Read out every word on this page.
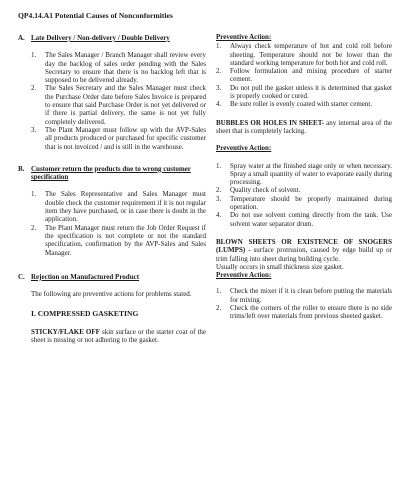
QP4.14.A1 Potential Causes of Nonconformities
A. Late Delivery / Non-delivery / Double Delivery
1.	The Sales Manager / Branch Manager shall review every day the backlog of sales order pending with the Sales Secretary to ensure that there is no backlog left that is supposed to be delivered already.
2.	The Sales Secretary and the Sales Manager must check the Purchase Order date before Sales Invoice is prepared to ensure that said Purchase Order is not yet delivered or if there is partial delivery, the same is not yet fully completely delivered.
3.	The Plant Manager must follow up with the AVP-Sales all products produced or purchased for specific customer that is not invoiced / and is still in the warehouse.
B. Customer return the products due to wrong customer specification
1.	The Sales Representative and Sales Manager must double check the customer requirement if it is not regular item they have purchased, or in case there is doubt in the application.
2.	The Plant Manager must return the Job Order Request if the specification is not complete or not the standard specification, confirmation by the AVP-Sales and Sales Manager.
C. Rejection on Manufactured Product
The following are preventive actions for problems stated.
I. COMPRESSED GASKETING
STICKY/FLAKE OFF skin surface or the starter coat of the sheet is missing or not adhering to the gasket.
Preventive Action:
1.	Always check temperature of hot and cold roll before sheeting. Temperature should not be lower than the standard working temperature for both hot and cold roll.
2.	Follow formulation and mixing procedure of starter cement.
3.	Do not pull the gasket unless it is determined that gasket is properly cooked or cured.
4.	Be sure roller is evenly coated with starter cement.
BUBBLES OR HOLES IN SHEET- any internal area of the sheet that is completely lacking.
Preventive Action:
1.	Spray water at the finished stage only or when necessary. Spray a small quantity of water to evaporate easily during processing.
2.	Quality check of solvent.
3.	Temperature should be properly maintained during operation.
4.	Do not use solvent coming directly from the tank. Use solvent water separator drum.
BLOWN SHEETS OR EXISTENCE OF SNOGERS (LUMPS) - surface protrusion, caused by edge build up or trim falling into sheet during building cycle.
Usually occurs in small thickness size gasket.
Preventive Action:
1.	Check the mixer if it is clean before putting the materials for mixing.
2.	Check the corners of the roller to ensure there is no side trims/left over materials from previous sheeted gasket.
